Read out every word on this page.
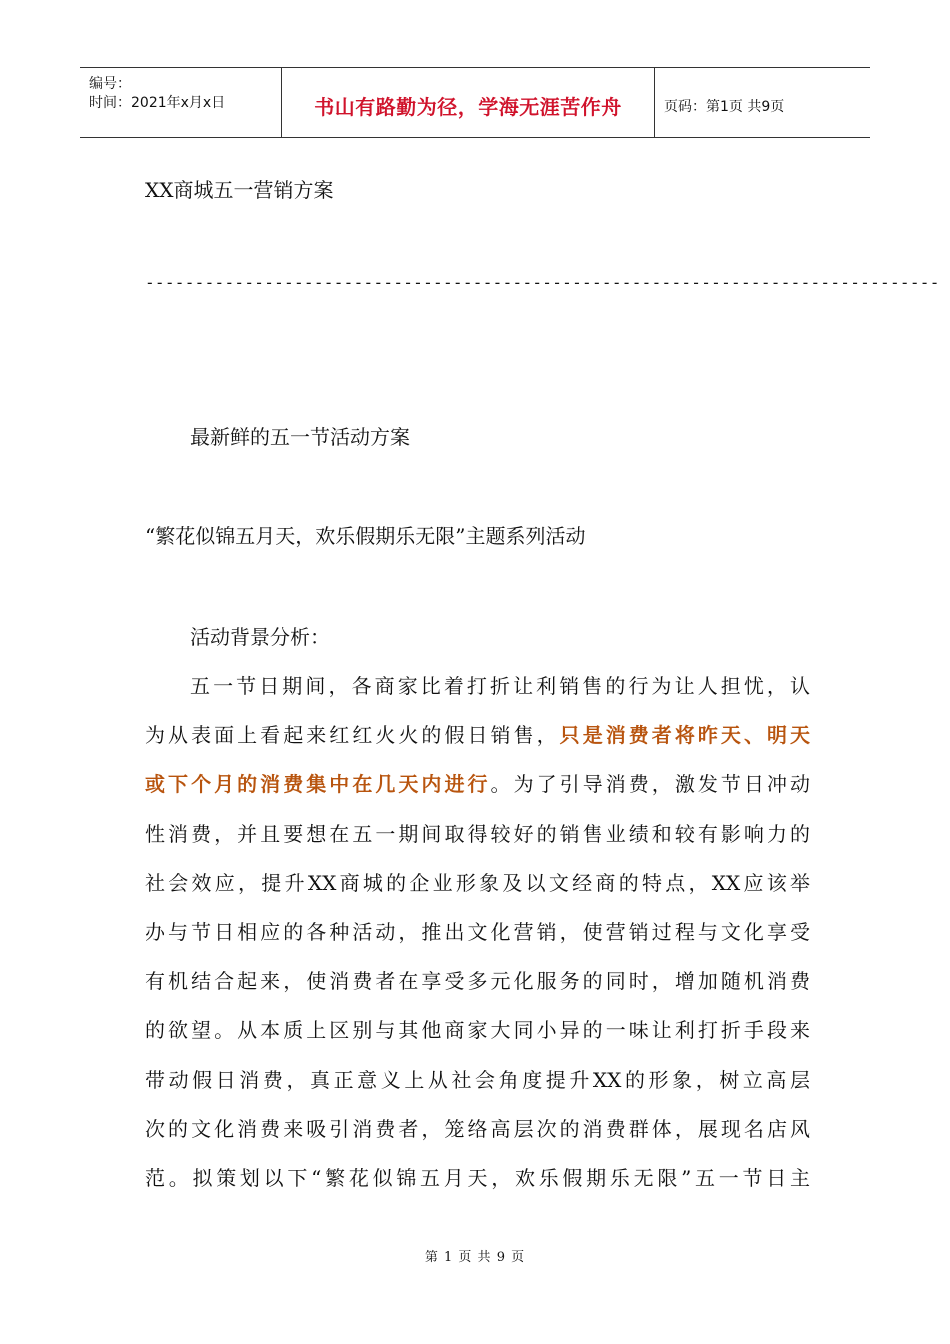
编号：
时间：2021年x月x日	书山有路勤为径，学海无涯苦作舟	页码：第1页 共9页
XX商城五一营销方案
--------------------------------------------------------------------------------
最新鲜的五一节活动方案
“繁花似锦五月天，欢乐假期乐无限”主题系列活动
活动背景分析：
五一节日期间，各商家比着打折让利销售的行为让人担忧，认
为从表面上看起来红红火火的假日销售，只是消费者将昨天、明天
或下个月的消费集中在几天内进行。为了引导消费，激发节日冲动
性消费，并且要想在五一期间取得较好的销售业绩和较有影响力的
社会效应，提升XX商城的企业形象及以文经商的特点，XX应该举
办与节日相应的各种活动，推出文化营销，使营销过程与文化享受
有机结合起来，使消费者在享受多元化服务的同时，增加随机消费
的欲望。从本质上区别与其他商家大同小异的一味让利打折手段来
带动假日消费，真正意义上从社会角度提升XX的形象，树立高层
次的文化消费来吸引消费者，笼络高层次的消费群体，展现名店风
范。拟策划以下“繁花似锦五月天，欢乐假期乐无限”五一节日主
第 1 页 共 9 页
